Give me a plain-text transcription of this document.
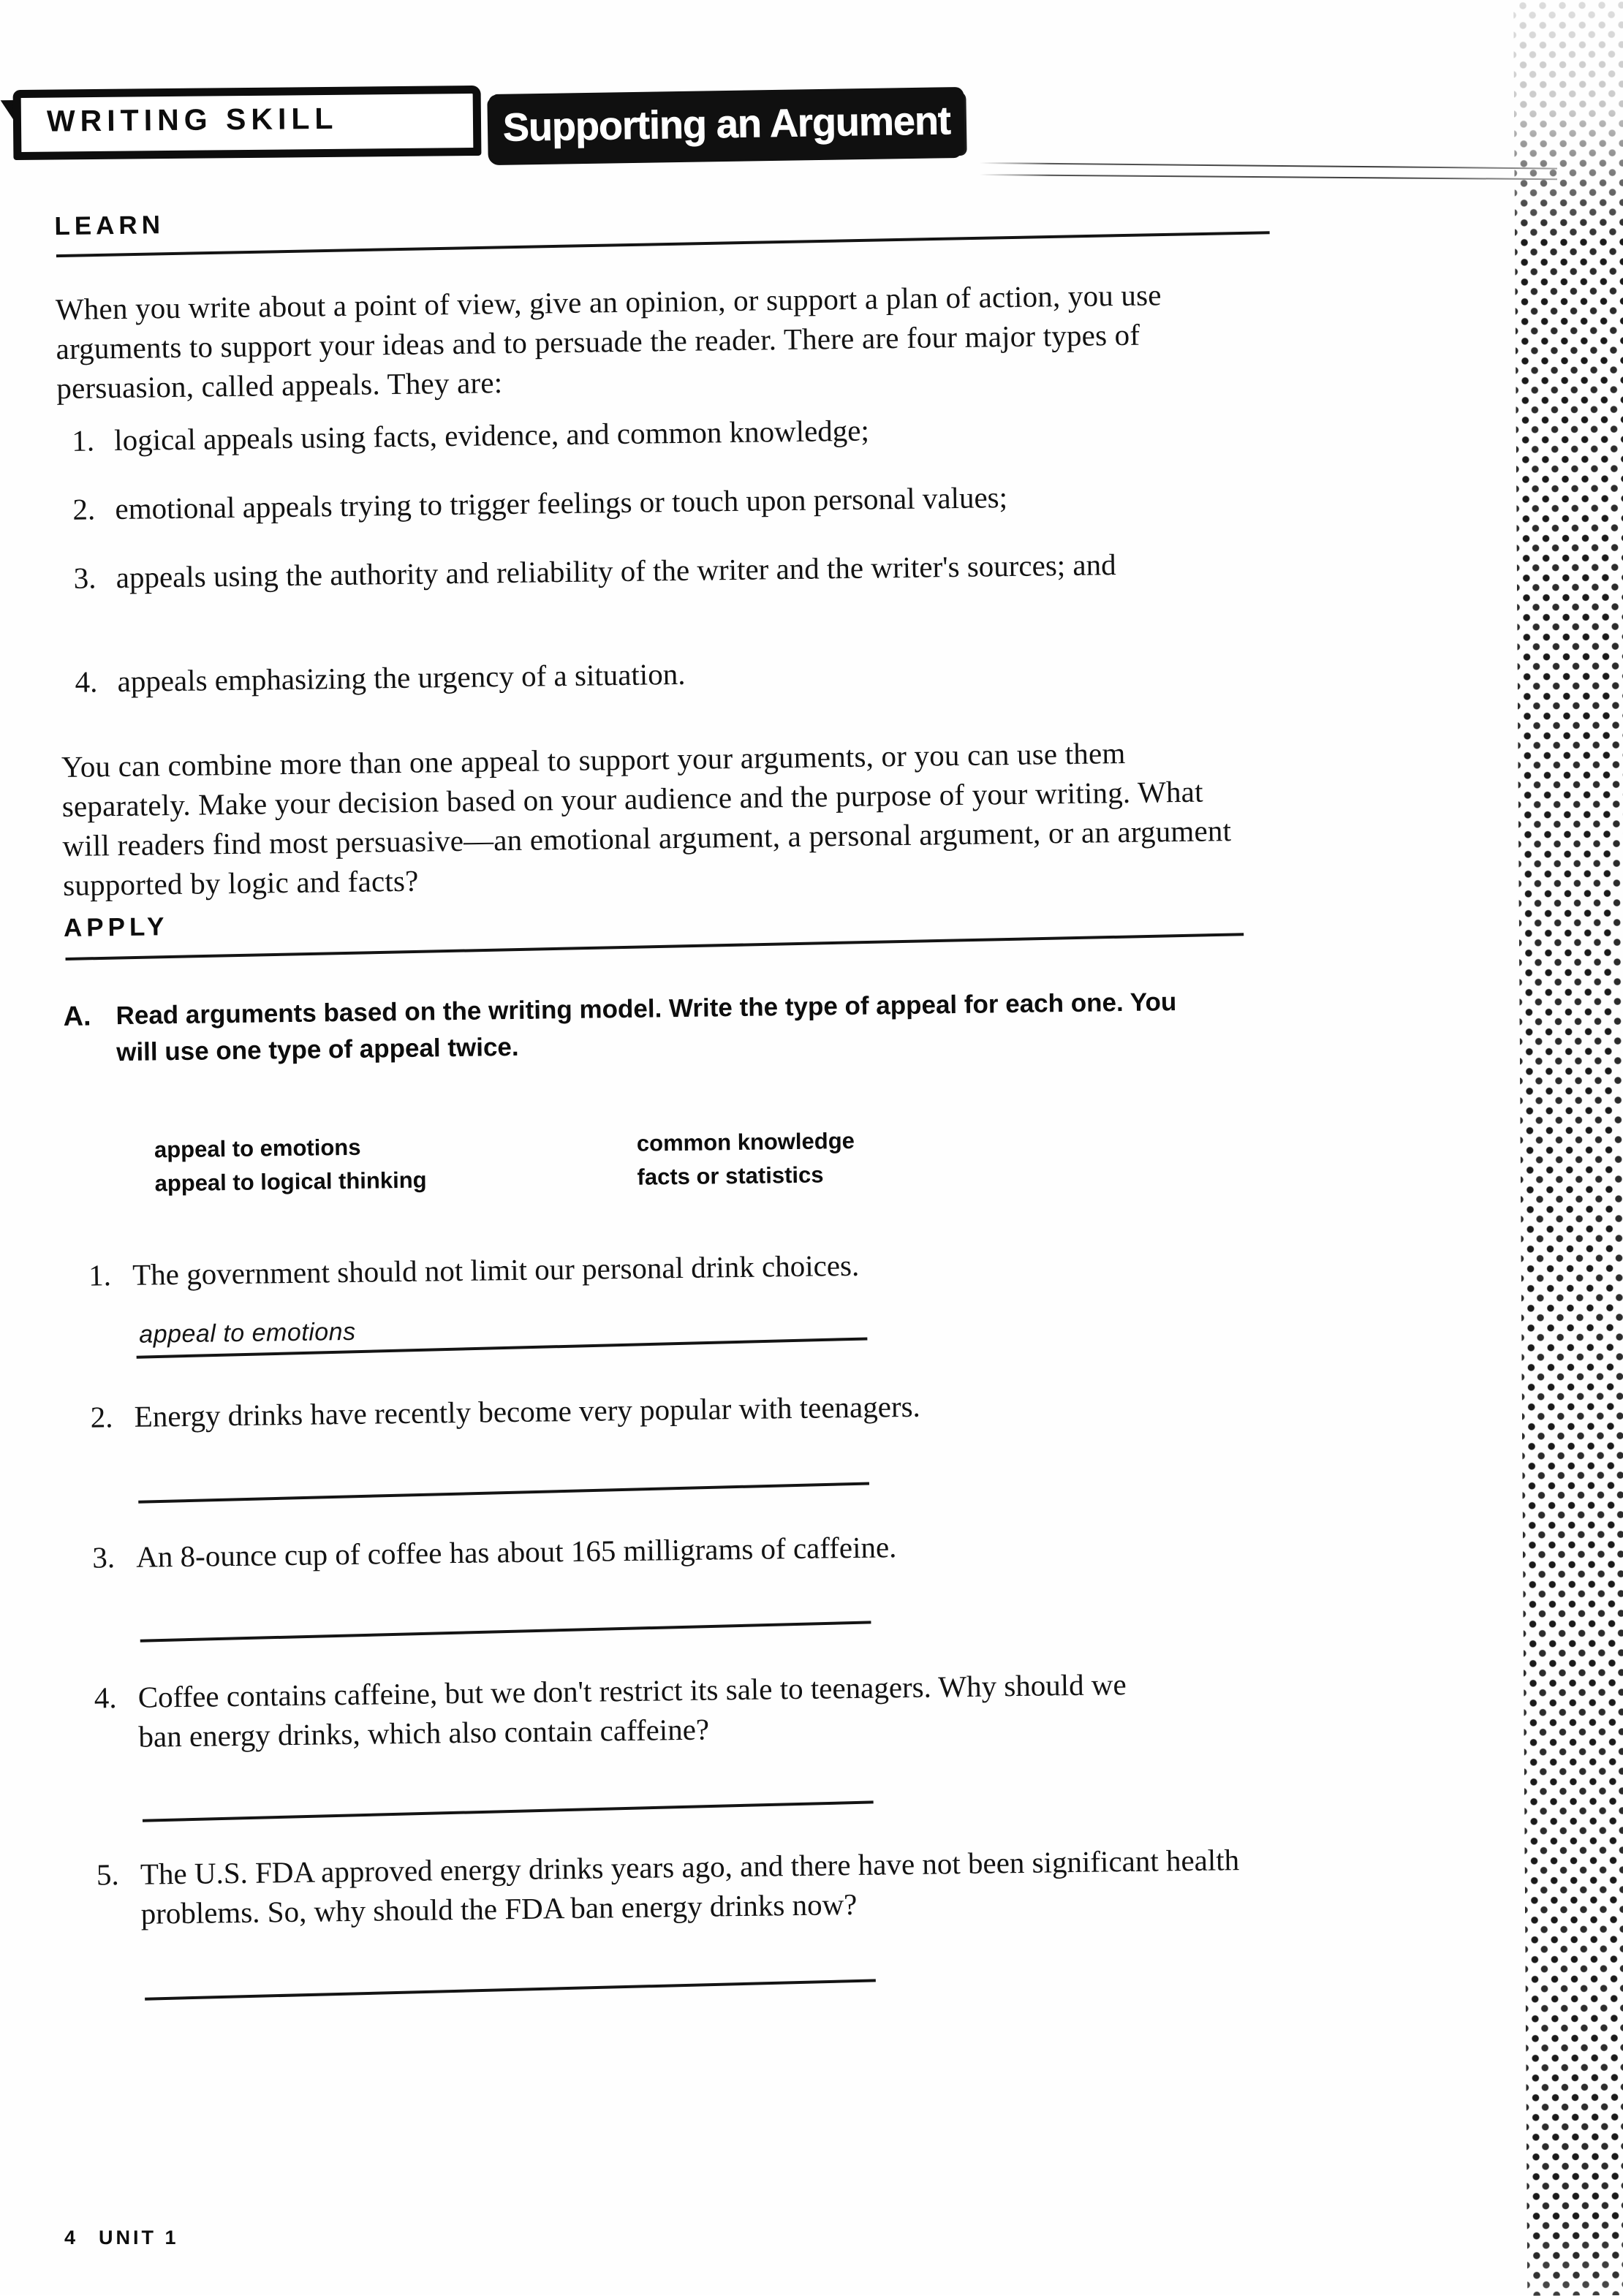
WRITING SKILL	Supporting an Argument
LEARN
When you write about a point of view, give an opinion, or support a plan of action, you use arguments to support your ideas and to persuade the reader. There are four major types of persuasion, called appeals. They are:
1. logical appeals using facts, evidence, and common knowledge;
2. emotional appeals trying to trigger feelings or touch upon personal values;
3. appeals using the authority and reliability of the writer and the writer's sources; and
4. appeals emphasizing the urgency of a situation.
You can combine more than one appeal to support your arguments, or you can use them separately. Make your decision based on your audience and the purpose of your writing. What will readers find most persuasive—an emotional argument, a personal argument, or an argument supported by logic and facts?
APPLY
A. Read arguments based on the writing model. Write the type of appeal for each one. You will use one type of appeal twice.
appeal to emotions
appeal to logical thinking
common knowledge
facts or statistics
1. The government should not limit our personal drink choices.
appeal to emotions
2. Energy drinks have recently become very popular with teenagers.
3. An 8-ounce cup of coffee has about 165 milligrams of caffeine.
4. Coffee contains caffeine, but we don't restrict its sale to teenagers. Why should we ban energy drinks, which also contain caffeine?
5. The U.S. FDA approved energy drinks years ago, and there have not been significant health problems. So, why should the FDA ban energy drinks now?
4 UNIT 1
